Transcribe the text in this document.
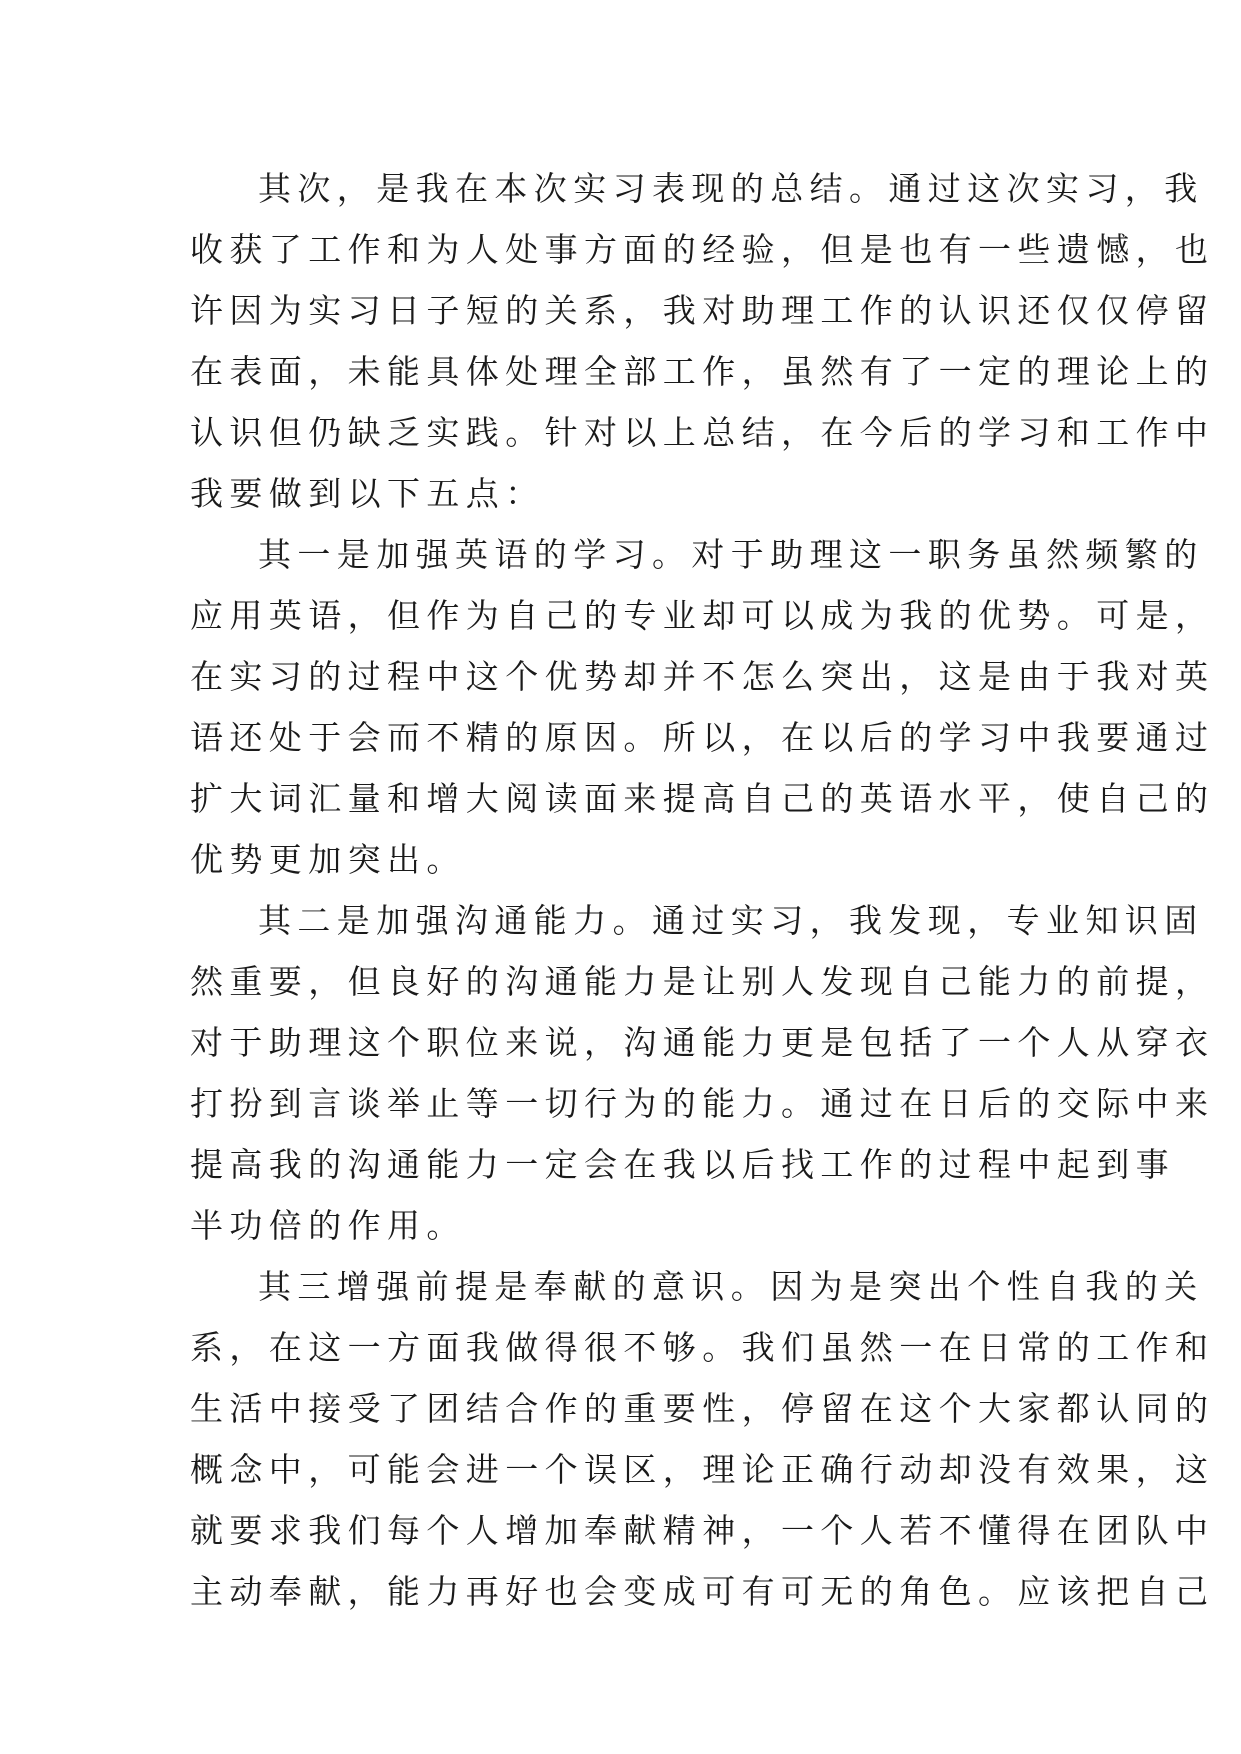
其次，是我在本次实习表现的总结。通过这次实习，我
收获了工作和为人处事方面的经验，但是也有一些遗憾，也
许因为实习日子短的关系，我对助理工作的认识还仅仅停留
在表面，未能具体处理全部工作，虽然有了一定的理论上的
认识但仍缺乏实践。针对以上总结，在今后的学习和工作中
我要做到以下五点：
其一是加强英语的学习。对于助理这一职务虽然频繁的
应用英语，但作为自己的专业却可以成为我的优势。可是，
在实习的过程中这个优势却并不怎么突出，这是由于我对英
语还处于会而不精的原因。所以，在以后的学习中我要通过
扩大词汇量和增大阅读面来提高自己的英语水平，使自己的
优势更加突出。
其二是加强沟通能力。通过实习，我发现，专业知识固
然重要，但良好的沟通能力是让别人发现自己能力的前提，
对于助理这个职位来说，沟通能力更是包括了一个人从穿衣
打扮到言谈举止等一切行为的能力。通过在日后的交际中来
提高我的沟通能力一定会在我以后找工作的过程中起到事
半功倍的作用。
其三增强前提是奉献的意识。因为是突出个性自我的关
系，在这一方面我做得很不够。我们虽然一在日常的工作和
生活中接受了团结合作的重要性，停留在这个大家都认同的
概念中，可能会进一个误区，理论正确行动却没有效果，这
就要求我们每个人增加奉献精神，一个人若不懂得在团队中
主动奉献，能力再好也会变成可有可无的角色。应该把自己
